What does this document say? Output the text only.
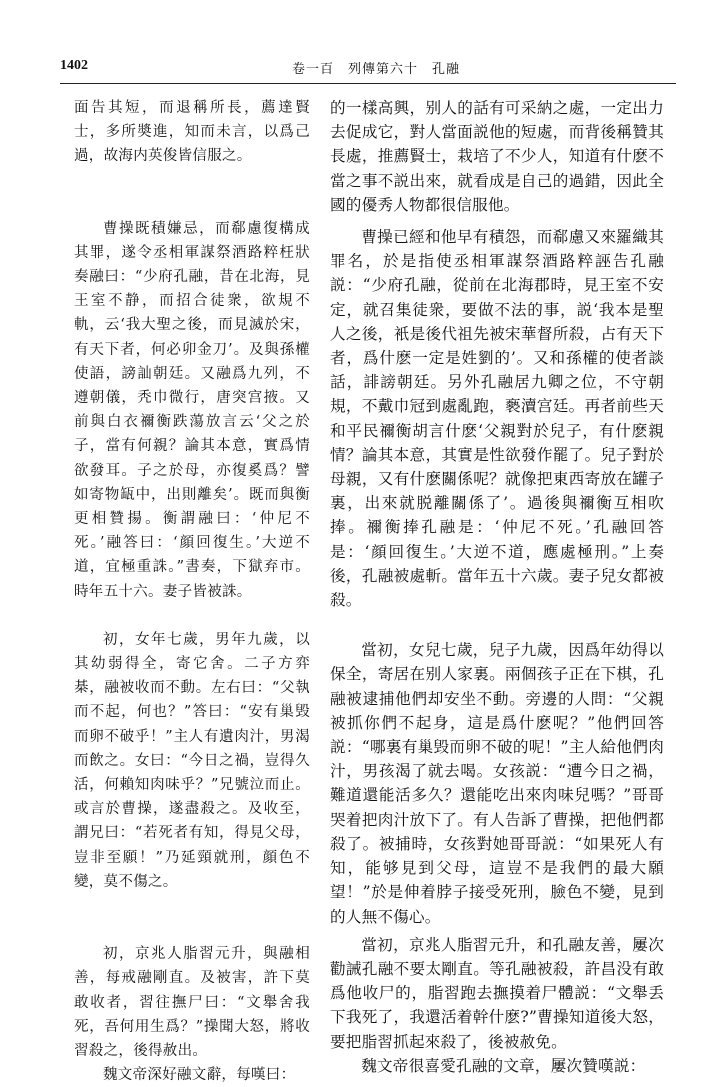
1402	卷一百　列傳第六十　孔融

面告其短，而退稱所長，薦達賢士，多所奬進，知而未言，以爲己過，故海内英俊皆信服之。

曹操既積嫌忌，而郗慮復構成其罪，遂令丞相軍謀祭酒路粹枉狀奏融曰：“少府孔融，昔在北海，見王室不静，而招合徒衆，欲規不軌，云‘我大聖之後，而見滅於宋，有天下者，何必卯金刀’。及與孫權使語，謗訕朝廷。又融爲九列，不遵朝儀，秃巾微行，唐突宫掖。又前與白衣禰衡跌蕩放言云‘父之於子，當有何親？論其本意，實爲情欲發耳。子之於母，亦復奚爲？譬如寄物缻中，出則離矣’。既而與衡更相贊揚。衡謂融曰：‘仲尼不死。’融答曰：‘顔回復生。’大逆不道，宜極重誅。”書奏，下獄弃市。時年五十六。妻子皆被誅。

初，女年七歲，男年九歲，以其幼弱得全，寄它舍。二子方弈棊，融被收而不動。左右曰：“父執而不起，何也？”答曰：“安有巢毁而卵不破乎！”主人有遺肉汁，男渴而飲之。女曰：“今日之禍，豈得久活，何賴知肉味乎？”兄號泣而止。或言於曹操，遂盡殺之。及收至，謂兄曰：“若死者有知，得見父母，豈非至願！”乃延頸就刑，顔色不變，莫不傷之。

初，京兆人脂習元升，與融相善，每戒融剛直。及被害，許下莫敢收者，習往撫尸曰：“文舉舍我死，吾何用生爲？”操聞大怒，將收習殺之，後得赦出。

魏文帝深好融文辭，每嘆曰：

的一樣高興，别人的話有可采納之處，一定出力去促成它，對人當面説他的短處，而背後稱贊其長處，推薦賢士，栽培了不少人，知道有什麽不當之事不説出來，就看成是自己的過錯，因此全國的優秀人物都很信服他。

曹操已經和他早有積怨，而郗慮又來羅織其罪名，於是指使丞相軍謀祭酒路粹誣告孔融説：“少府孔融，從前在北海郡時，見王室不安定，就召集徒衆，要做不法的事，説‘我本是聖人之後，衹是後代祖先被宋華督所殺，占有天下者，爲什麽一定是姓劉的’。又和孫權的使者談話，誹謗朝廷。另外孔融居九卿之位，不守朝規，不戴巾冠到處亂跑，褻瀆宫廷。再者前些天和平民禰衡胡言什麽‘父親對於兒子，有什麽親情？論其本意，其實是性欲發作罷了。兒子對於母親，又有什麽關係呢？就像把東西寄放在罐子裏，出來就脱離關係了’。過後與禰衡互相吹捧。禰衡捧孔融是：‘仲尼不死。’孔融回答是：‘顔回復生。’大逆不道，應處極刑。”上奏後，孔融被處斬。當年五十六歲。妻子兒女都被殺。

當初，女兒七歲，兒子九歲，因爲年幼得以保全，寄居在别人家裏。兩個孩子正在下棋，孔融被逮捕他們却安坐不動。旁邊的人問：“父親被抓你們不起身，這是爲什麽呢？”他們回答説：“哪裏有巢毁而卵不破的呢！”主人給他們肉汁，男孩渴了就去喝。女孩説：“遭今日之禍，難道還能活多久？還能吃出來肉味兒嗎？”哥哥哭着把肉汁放下了。有人告訴了曹操，把他們都殺了。被捕時，女孩對她哥哥説：“如果死人有知，能够見到父母，這豈不是我們的最大願望！”於是伸着脖子接受死刑，臉色不變，見到的人無不傷心。

當初，京兆人脂習元升，和孔融友善，屢次勸誡孔融不要太剛直。等孔融被殺，許昌没有敢爲他收尸的，脂習跑去撫摸着尸體説：“文舉丢下我死了，我還活着幹什麽?”曹操知道後大怒，要把脂習抓起來殺了，後被赦免。

魏文帝很喜愛孔融的文章，屢次贊嘆説：
